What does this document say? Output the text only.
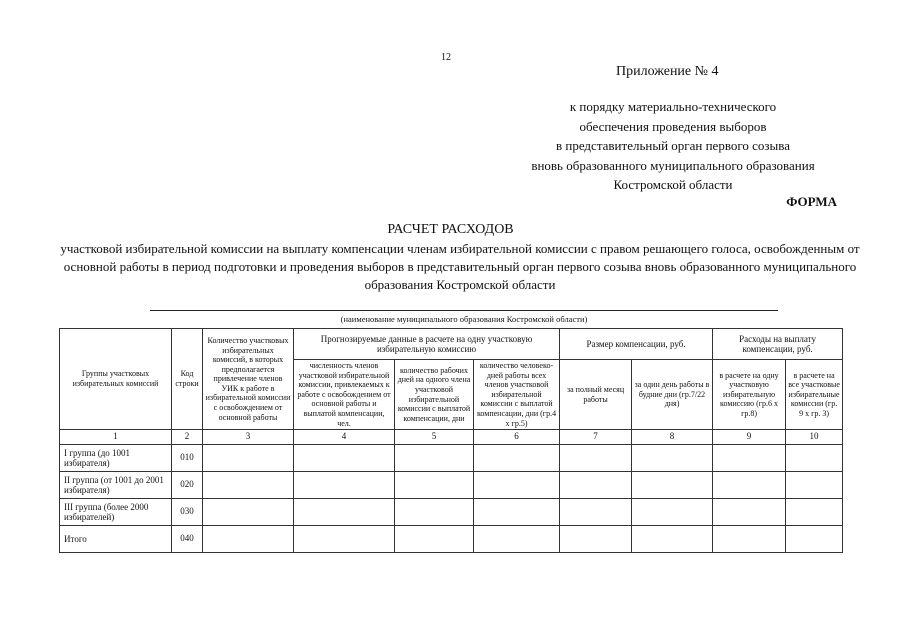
12
Приложение № 4
к порядку материально-технического
обеспечения проведения выборов
в представительный орган первого созыва
вновь образованного муниципального образования
Костромской области
ФОРМА
РАСЧЕТ РАСХОДОВ
участковой избирательной комиссии на выплату компенсации членам избирательной комиссии с правом решающего голоса, освобожденным от основной работы в период подготовки и проведения выборов в представительный орган первого созыва вновь образованного муниципального образования Костромской области
(наименование муниципального образования Костромской области)
Группы участковых избирательных комиссий	Код строки	Количество участковых избирательных комиссий, в которых предполагается привлечение членов УИК к работе в избирательной комиссии с освобождением от основной работы	Прогнозируемые данные в расчете на одну участковую избирательную комиссию			Размер компенсации, руб.		Расходы на выплату компенсации, руб.	
			численность членов участковой избирательной комиссии, привлекаемых к работе с освобождением от основной работы и выплатой компенсации, чел.	количество рабочих дней на одного члена участковой избирательной комиссии с выплатой компенсации, дни	количество человеко-дней работы всех членов участковой избирательной комиссии с выплатой компенсации, дни (гр.4 х гр.5)	за полный месяц работы	за один день работы в будние дни (гр.7/22 дня)	в расчете на одну участковую избирательную комиссию (гр.6 х гр.8)	в расчете на все участковые избирательные комиссии (гр. 9 х гр. 3)
1	2	3	4	5	6	7	8	9	10
I группа (до 1001 избирателя)	010								
II группа (от 1001 до 2001 избирателя)	020								
III группа (более 2000 избирателей)	030								
Итого	040								
